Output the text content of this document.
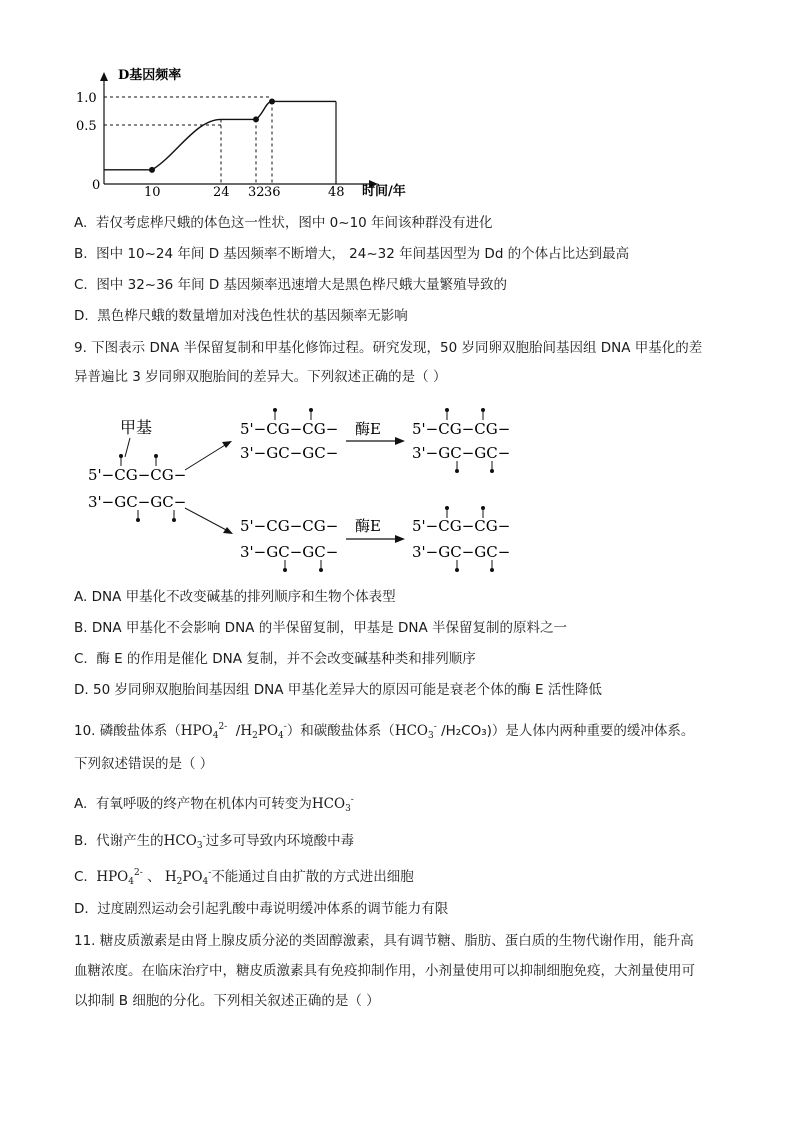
D基因频率
时间/年
0
0.5
1.0
10	24 32 36	48
A. 若仅考虑桦尺蛾的体色这一性状，图中 0~10 年间该种群没有进化
B. 图中 10~24 年间 D 基因频率不断增大， 24~32 年间基因型为 Dd 的个体占比达到最高
C. 图中 32~36 年间 D 基因频率迅速增大是黑色桦尺蛾大量繁殖导致的
D. 黑色桦尺蛾的数量增加对浅色性状的基因频率无影响
9. 下图表示 DNA 半保留复制和甲基化修饰过程。研究发现，50 岁同卵双胞胎间基因组 DNA 甲基化的差
异普遍比 3 岁同卵双胞胎间的差异大。下列叙述正确的是（ ）
甲基
5'−CG−CG−
3'−GC−GC−
5'−CG−CG−
3'−GC−GC−
酶E 5'−CG−CG−
3'−GC−GC−
5'−CG−CG−
3'−GC−GC−
酶E 5'−CG−CG−
3'−GC−GC−
A. DNA 甲基化不改变碱基的排列顺序和生物个体表型
B. DNA 甲基化不会影响 DNA 的半保留复制，甲基是 DNA 半保留复制的原料之一
C. 酶 E 的作用是催化 DNA 复制，并不会改变碱基种类和排列顺序
D. 50 岁同卵双胞胎间基因组 DNA 甲基化差异大的原因可能是衰老个体的酶 E 活性降低
10. 磷酸盐体系（$HPO_4^{2-}$  $/H_2PO_4^-$）和碳酸盐体系（$HCO_3^-$ /H₂CO₃)）是人体内两种重要的缓冲体系。
下列叙述错误的是（ ）
A. 有氧呼吸的终产物在机体内可转变为$HCO_3^-$
B. 代谢产生的$HCO_3^-$过多可导致内环境酸中毒
C. $HPO_4^{2-}$ 、 $H_2PO_4^-$不能通过自由扩散的方式进出细胞
D. 过度剧烈运动会引起乳酸中毒说明缓冲体系的调节能力有限
11. 糖皮质激素是由肾上腺皮质分泌的类固醇激素，具有调节糖、脂肪、蛋白质的生物代谢作用，能升高
血糖浓度。在临床治疗中，糖皮质激素具有免疫抑制作用，小剂量使用可以抑制细胞免疫，大剂量使用可
以抑制 B 细胞的分化。下列相关叙述正确的是（ ）
